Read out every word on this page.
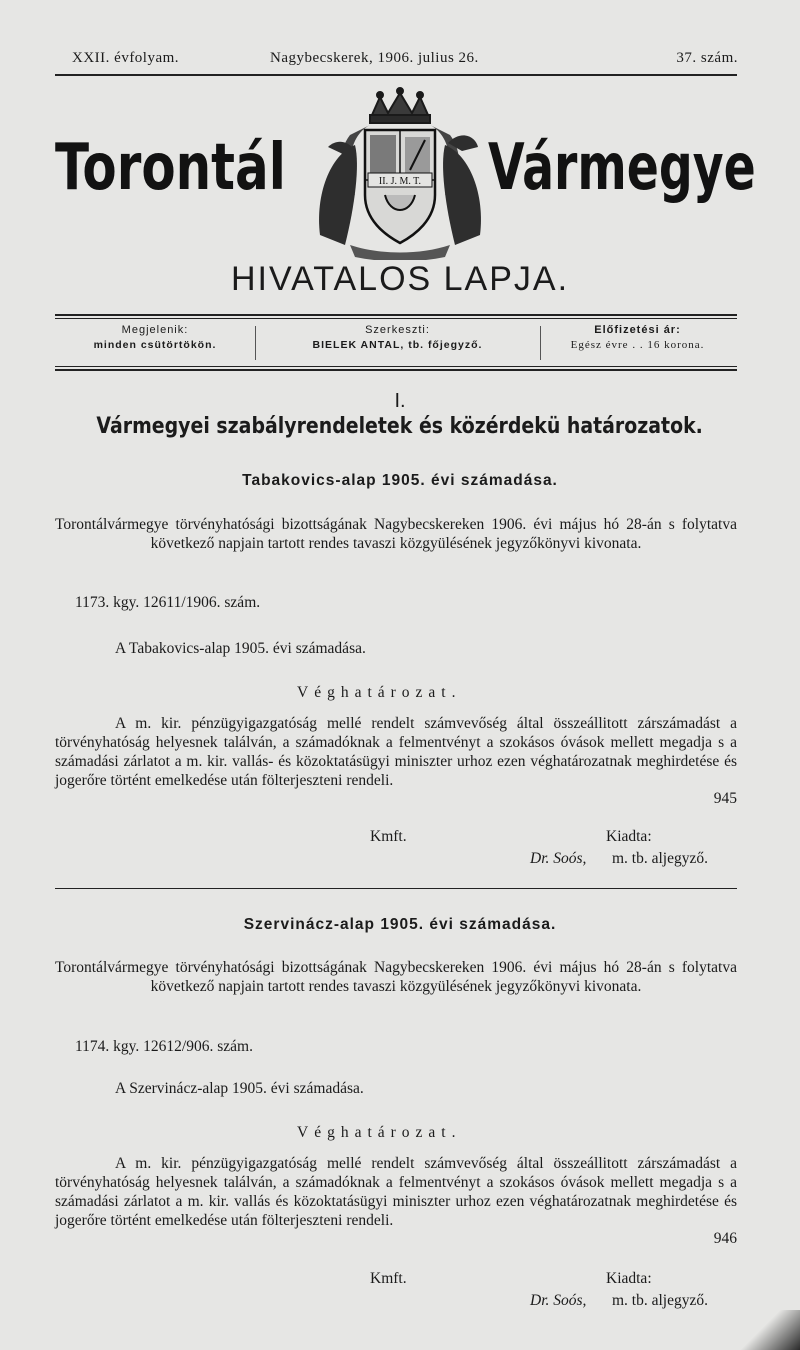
XXII. évfolyam.	Nagybecskerek, 1906. julius 26.	37. szám.
Torontál	Vármegye
II. J. M. T.
HIVATALOS LAPJA.
Megjelenik:
minden csütörtökön.
Szerkeszti:
BIELEK ANTAL, tb. főjegyző.
Előfizetési ár:
Egész évre . . 16 korona.
I.
Vármegyei szabályrendeletek és közérdekü határozatok.
Tabakovics-alap 1905. évi számadása.
Torontálvármegye törvényhatósági bizottságának Nagybecskereken 1906. évi május hó 28-án s folytatva következő napjain tartott rendes tavaszi közgyülésének jegyzőkönyvi kivonata.
1173. kgy. 12611/1906. szám.
A Tabakovics-alap 1905. évi számadása.
Véghatározat.
A m. kir. pénzügyigazgatóság mellé rendelt számvevőség által összeállitott zárszámadást a törvényhatóság helyesnek találván, a számadóknak a felmentvényt a szokásos óvások mellett megadja s a számadási zárlatot a m. kir. vallás- és közoktatásügyi miniszter urhoz ezen véghatározatnak meghirdetése és jogerőre történt emelkedése után fölterjeszteni rendeli.
945
Kmft.	Kiadta:
Dr. Soós, m. tb. aljegyző.
Szervinácz-alap 1905. évi számadása.
Torontálvármegye törvényhatósági bizottságának Nagybecskereken 1906. évi május hó 28-án s folytatva következő napjain tartott rendes tavaszi közgyülésének jegyzőkönyvi kivonata.
1174. kgy. 12612/906. szám.
A Szervinácz-alap 1905. évi számadása.
Véghatározat.
A m. kir. pénzügyigazgatóság mellé rendelt számvevőség által összeállitott zárszámadást a törvényhatóság helyesnek találván, a számadóknak a felmentvényt a szokásos óvások mellett megadja s a számadási zárlatot a m. kir. vallás és közoktatásügyi miniszter urhoz ezen véghatározatnak meghirdetése és jogerőre történt emelkedése után fölterjeszteni rendeli.
946
Kmft.	Kiadta:
Dr. Soós, m. tb. aljegyző.
